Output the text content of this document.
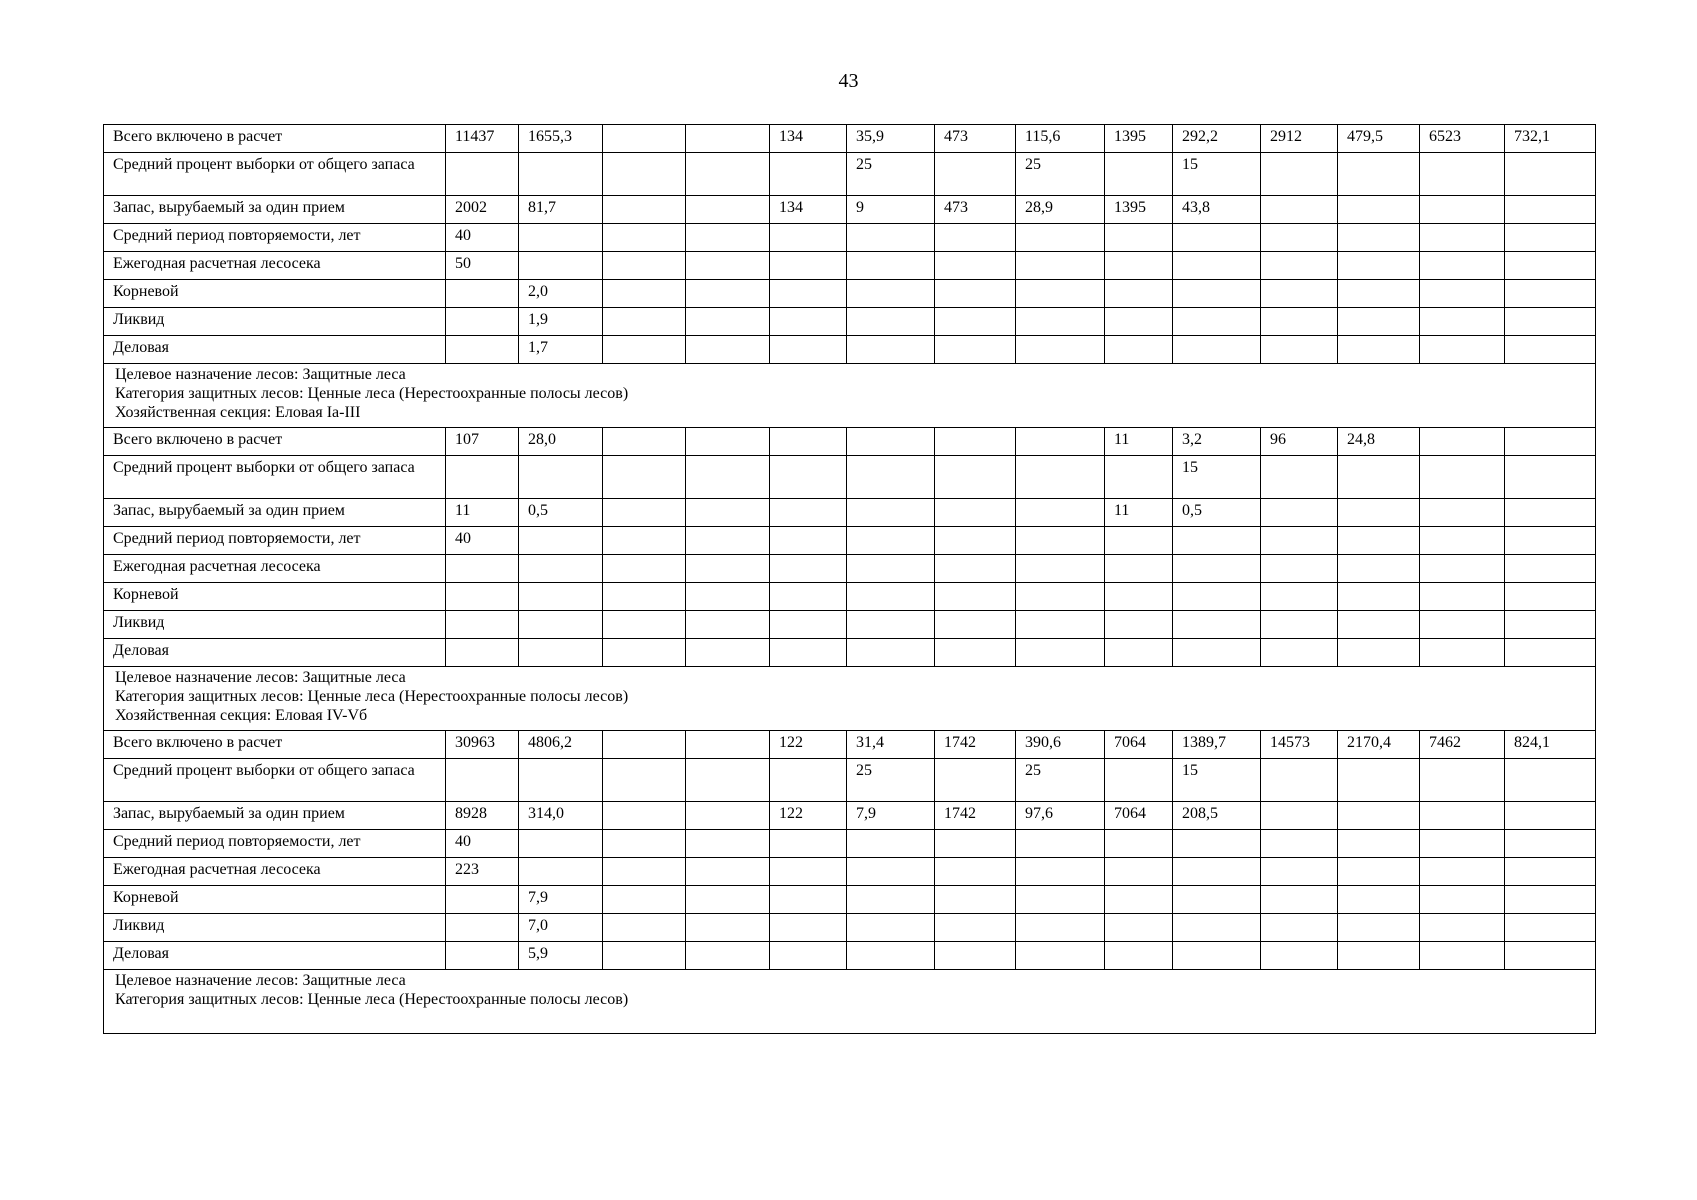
43
Всего включено в расчет	11437	1655,3			134	35,9	473	115,6	1395	292,2	2912	479,5	6523	732,1
Средний процент выборки от общего запаса						25		25		15				
Запас, вырубаемый за один прием	2002	81,7			134	9	473	28,9	1395	43,8				
Средний период повторяемости, лет	40													
Ежегодная расчетная лесосека	50													
Корневой		2,0												
Ликвид		1,9												
Деловая		1,7												

Целевое назначение лесов: Защитные леса
Категория защитных лесов: Ценные леса (Нерестоохранные полосы лесов)
Хозяйственная секция: Еловая Ia-III														

Всего включено в расчет	107	28,0							11	3,2	96	24,8		
Средний процент выборки от общего запаса										15				
Запас, вырубаемый за один прием	11	0,5							11	0,5				
Средний период повторяемости, лет	40													
Ежегодная расчетная лесосека														
Корневой														
Ликвид														
Деловая														

Целевое назначение лесов: Защитные леса
Категория защитных лесов: Ценные леса (Нерестоохранные полосы лесов)
Хозяйственная секция: Еловая IV-Vб														

Всего включено в расчет	30963	4806,2			122	31,4	1742	390,6	7064	1389,7	14573	2170,4	7462	824,1
Средний процент выборки от общего запаса						25		25		15				
Запас, вырубаемый за один прием	8928	314,0			122	7,9	1742	97,6	7064	208,5				
Средний период повторяемости, лет	40													
Ежегодная расчетная лесосека	223													
Корневой		7,9												
Ликвид		7,0												
Деловая		5,9												

Целевое назначение лесов: Защитные леса
Категория защитных лесов: Ценные леса (Нерестоохранные полосы лесов)														
